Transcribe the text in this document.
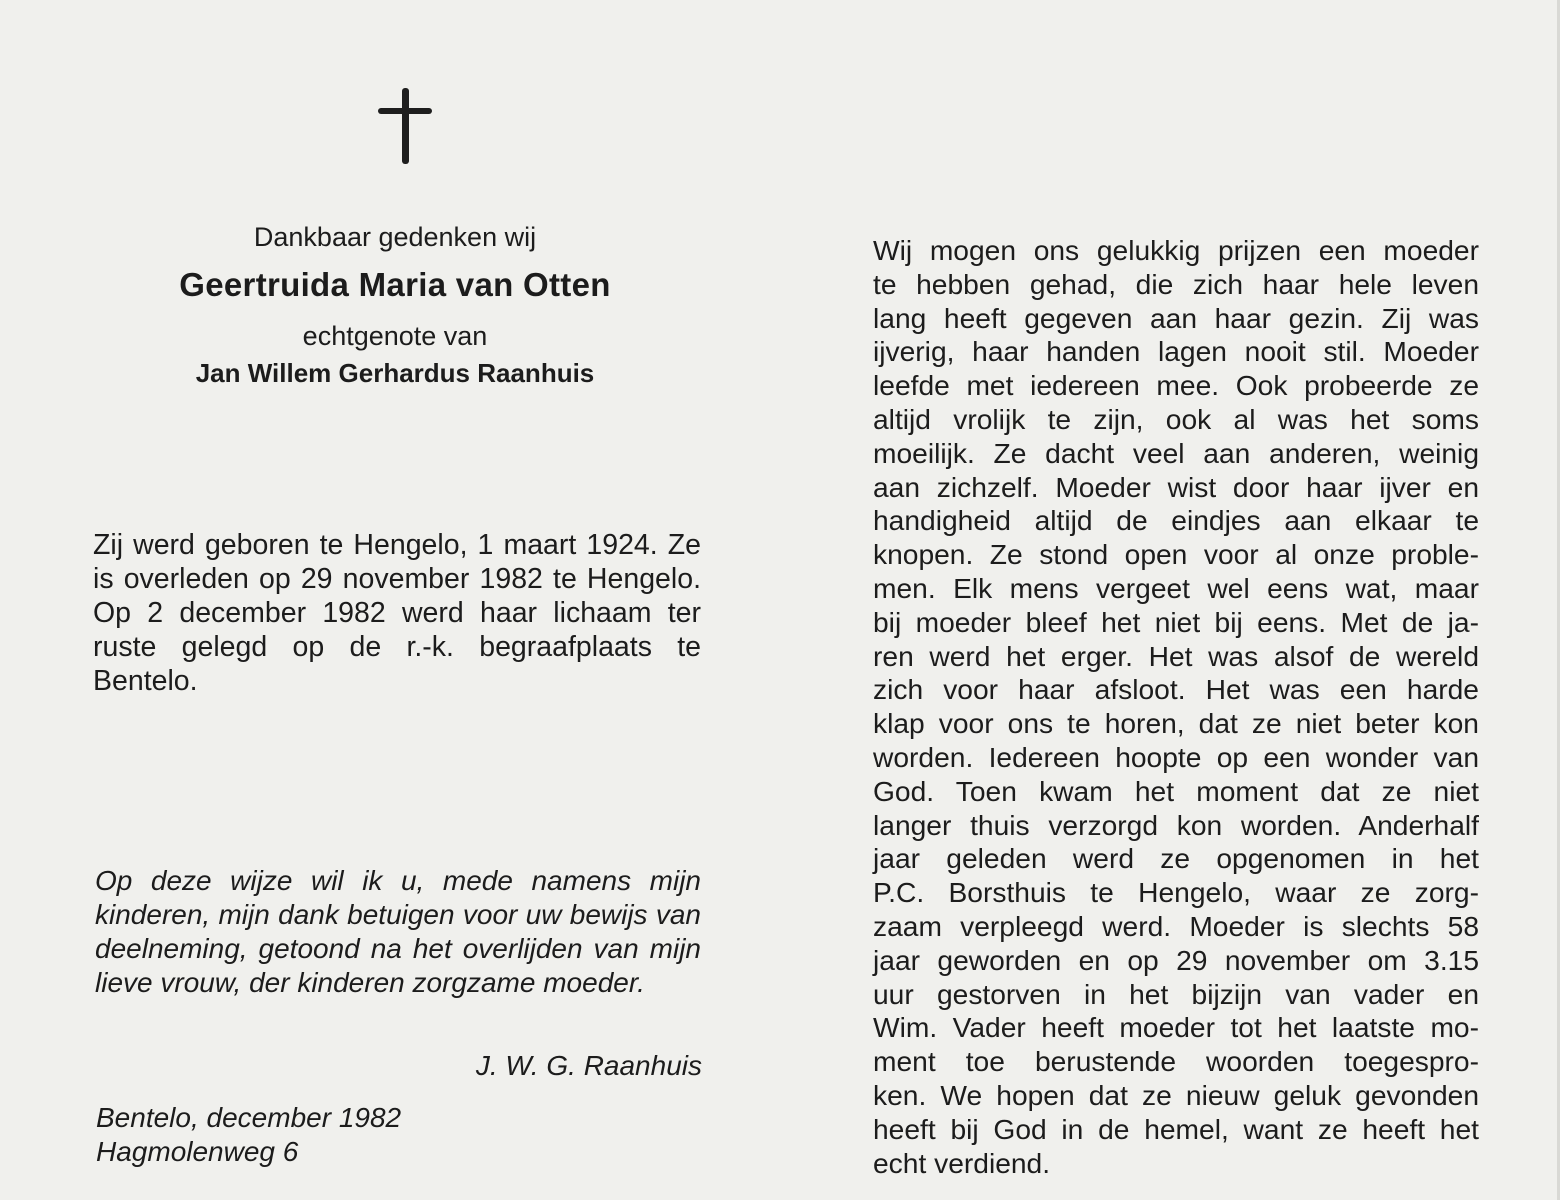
Dankbaar gedenken wij
Geertruida Maria van Otten
echtgenote van
Jan Willem Gerhardus Raanhuis

Zij werd geboren te Hengelo, 1 maart 1924. Ze is overleden op 29 november 1982 te Hengelo. Op 2 december 1982 werd haar lichaam ter ruste gelegd op de r.-k. begraafplaats te Bentelo.

Op deze wijze wil ik u, mede namens mijn kinderen, mijn dank betuigen voor uw bewijs van deelneming, getoond na het overlijden van mijn lieve vrouw, der kinderen zorgzame moeder.

J. W. G. Raanhuis
Bentelo, december 1982
Hagmolenweg 6

Wij mogen ons gelukkig prijzen een moeder
te hebben gehad, die zich haar hele leven
lang heeft gegeven aan haar gezin. Zij was
ijverig, haar handen lagen nooit stil. Moeder
leefde met iedereen mee. Ook probeerde ze
altijd vrolijk te zijn, ook al was het soms
moeilijk. Ze dacht veel aan anderen, weinig
aan zichzelf. Moeder wist door haar ijver en
handigheid altijd de eindjes aan elkaar te
knopen. Ze stond open voor al onze proble-
men. Elk mens vergeet wel eens wat, maar
bij moeder bleef het niet bij eens. Met de ja-
ren werd het erger. Het was alsof de wereld
zich voor haar afsloot. Het was een harde
klap voor ons te horen, dat ze niet beter kon
worden. Iedereen hoopte op een wonder van
God. Toen kwam het moment dat ze niet
langer thuis verzorgd kon worden. Anderhalf
jaar geleden werd ze opgenomen in het
P.C. Borsthuis te Hengelo, waar ze zorg-
zaam verpleegd werd. Moeder is slechts 58
jaar geworden en op 29 november om 3.15
uur gestorven in het bijzijn van vader en
Wim. Vader heeft moeder tot het laatste mo-
ment toe berustende woorden toegespro-
ken. We hopen dat ze nieuw geluk gevonden
heeft bij God in de hemel, want ze heeft het
echt verdiend.
